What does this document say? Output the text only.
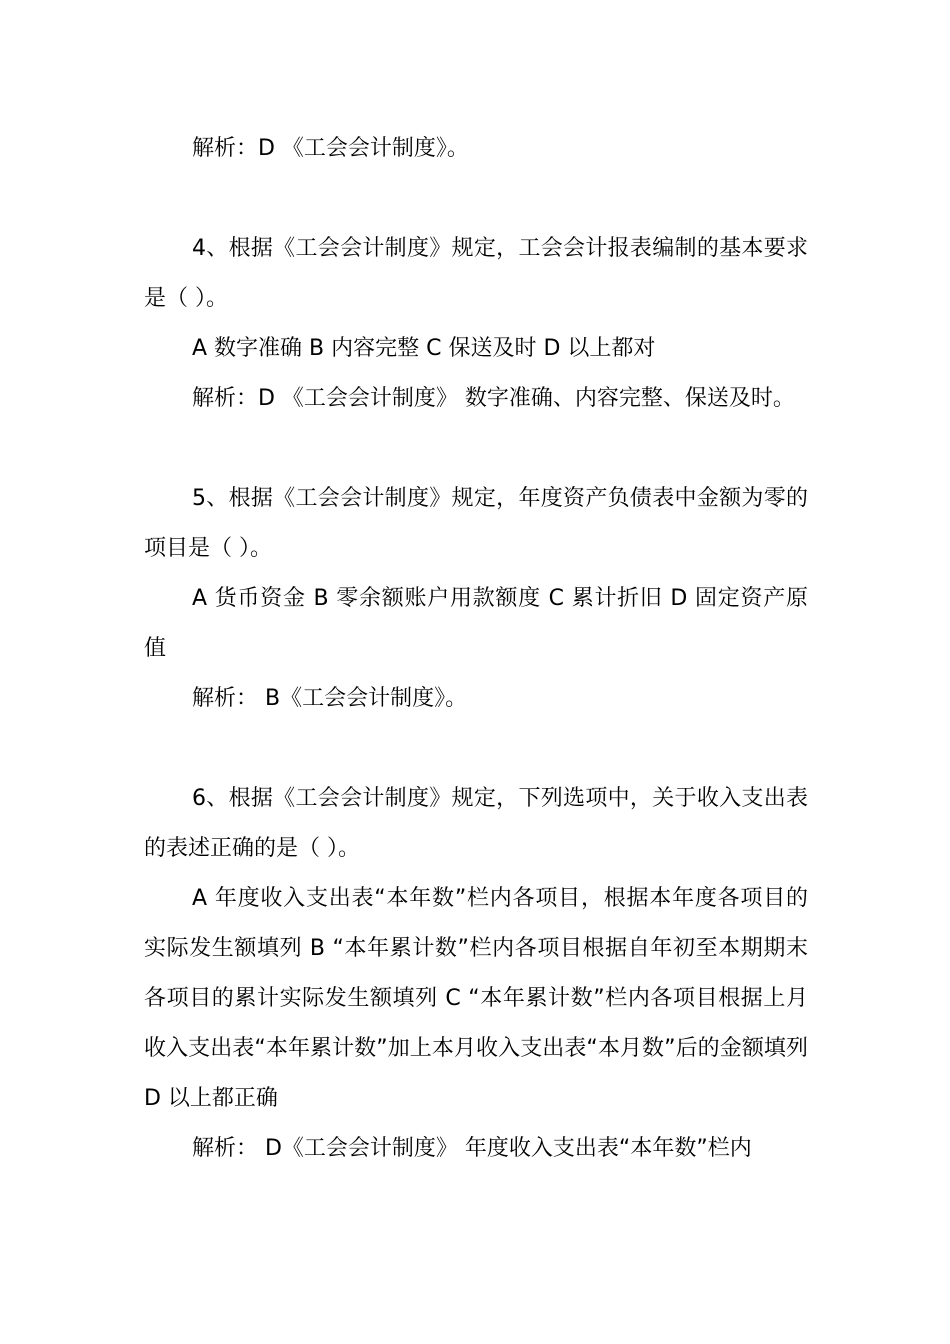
解析：D 《工会会计制度》。

4、根据《工会会计制度》规定，工会会计报表编制的基本要求是（ ）。

A 数字准确 B 内容完整 C 保送及时 D 以上都对

解析：D 《工会会计制度》 数字准确、内容完整、保送及时。

5、根据《工会会计制度》规定，年度资产负债表中金额为零的项目是（ ）。

A 货币资金 B 零余额账户用款额度 C 累计折旧 D 固定资产原值

解析： B《工会会计制度》。

6、根据《工会会计制度》规定，下列选项中，关于收入支出表的表述正确的是（ ）。

A 年度收入支出表“本年数”栏内各项目，根据本年度各项目的实际发生额填列 B “本年累计数”栏内各项目根据自年初至本期期末各项目的累计实际发生额填列 C “本年累计数”栏内各项目根据上月收入支出表“本年累计数”加上本月收入支出表“本月数”后的金额填列 D 以上都正确

解析： D《工会会计制度》 年度收入支出表“本年数”栏内
